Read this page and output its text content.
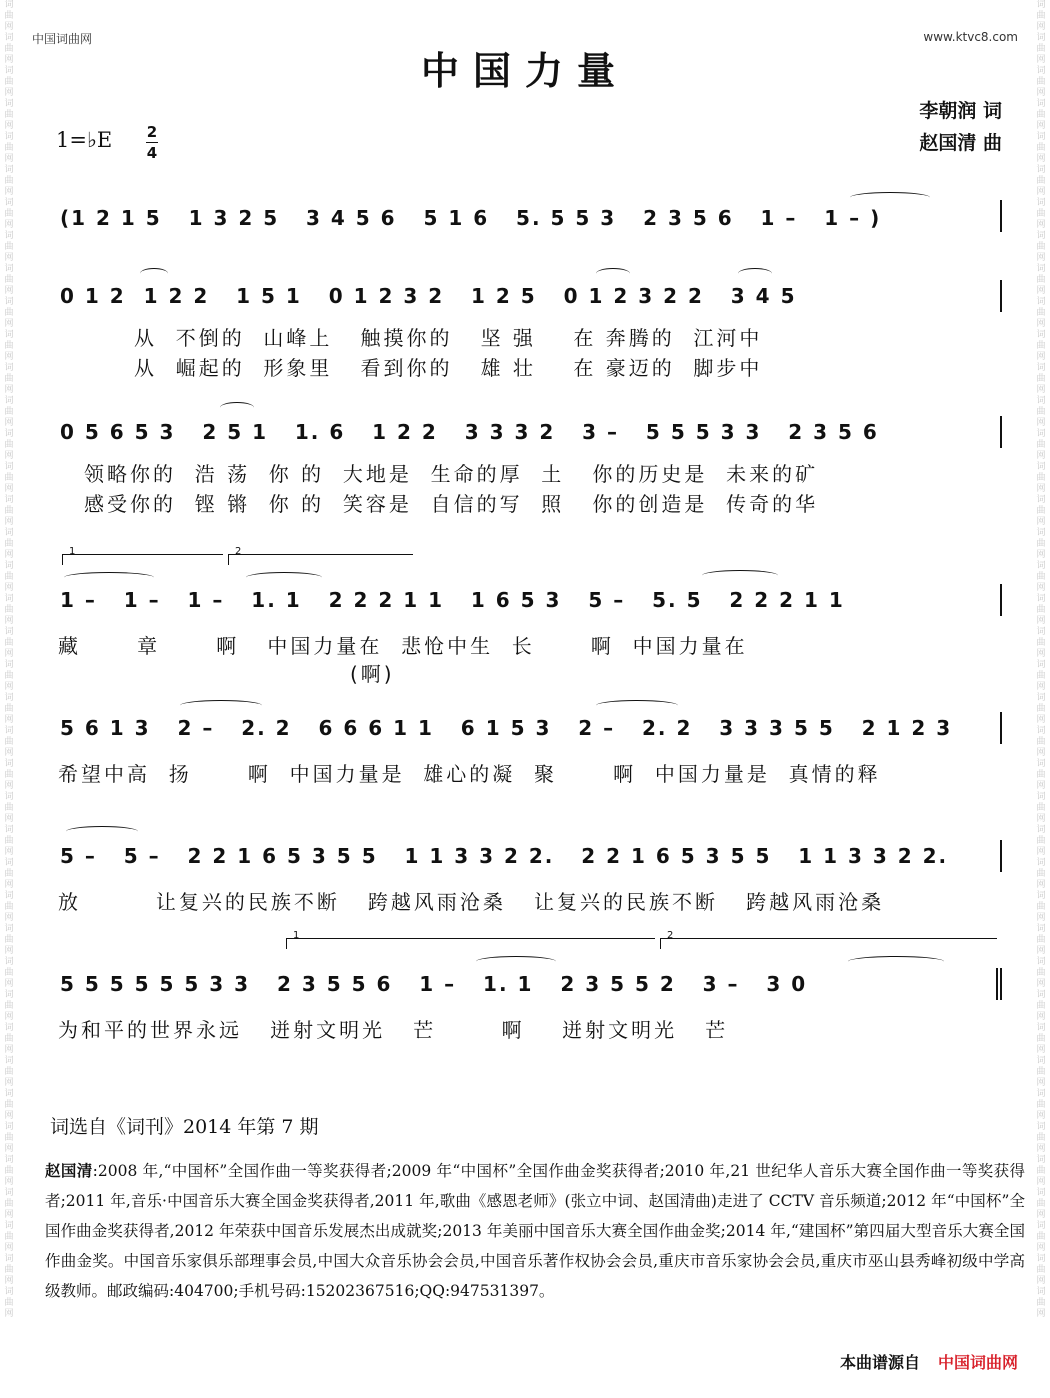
词曲网词曲网词曲网词曲网词曲网词曲网词曲网词曲网词曲网词曲网词曲网词曲网词曲网词曲网词曲网词曲网词曲网词曲网词曲网词曲网词曲网词曲网词曲网词曲网词曲网词曲网词曲网词曲网词曲网词曲网词曲网词曲网词曲网词曲网词曲网词曲网词曲网词曲网词曲网词曲网
词曲网词曲网词曲网词曲网词曲网词曲网词曲网词曲网词曲网词曲网词曲网词曲网词曲网词曲网词曲网词曲网词曲网词曲网词曲网词曲网词曲网词曲网词曲网词曲网词曲网词曲网词曲网词曲网词曲网词曲网词曲网词曲网词曲网词曲网词曲网词曲网词曲网词曲网词曲网词曲网
中国词曲网	www.ktvc8.com
中国力量
李朝润 词
赵国清 曲
1=♭E 2
4
(1 2 1 5   1 3 2 5   3 4 5 6   5 1 6   5. 5 5 3   2 3 5 6   1 –   1 – )
0 1 2  1 2 2   1 5 1   0 1 2 3 2   1 2 5   0 1 2 3 2 2   3 4 5
从  不倒的  山峰上   触摸你的   坚 强    在 奔腾的  江河中
从  崛起的  形象里   看到你的   雄 壮    在 豪迈的  脚步中
0 5 6 5 3   2 5 1   1. 6   1 2 2   3 3 3 2   3 –   5 5 5 3 3   2 3 5 6
领略你的  浩 荡  你 的  大地是  生命的厚  土   你的历史是  未来的矿
感受你的  铿 锵  你 的  笑容是  自信的写  照   你的创造是  传奇的华
1	2
1 –   1 –   1 –   1. 1   2 2 2 1 1   1 6 5 3   5 –   5. 5   2 2 2 1 1
藏      章      啊   中国力量在  悲怆中生  长      啊  中国力量在
(啊)
5 6 1 3   2 –   2. 2   6 6 6 1 1   6 1 5 3   2 –   2. 2   3 3 3 5 5   2 1 2 3
希望中高  扬      啊  中国力量是  雄心的凝  聚      啊  中国力量是  真情的释
5 –   5 –   2 2 1 6 5 3 5 5   1 1 3 3 2 2.   2 2 1 6 5 3 5 5   1 1 3 3 2 2.
放        让复兴的民族不断   跨越风雨沧桑   让复兴的民族不断   跨越风雨沧桑
1	2
5 5 5 5 5 5 3 3   2 3 5 5 6   1 –   1. 1   2 3 5 5 2   3 –   3 0
为和平的世界永远   迸射文明光   芒       啊    迸射文明光   芒
词选自《词刊》2014 年第 7 期
赵国清:2008 年,“中国杯”全国作曲一等奖获得者;2009 年“中国杯”全国作曲金奖获得者;2010 年,21 世纪华人音乐大赛全国作曲一等奖获得者;2011 年,音乐·中国音乐大赛全国金奖获得者,2011 年,歌曲《感恩老师》(张立中词、赵国清曲)走进了 CCTV 音乐频道;2012 年“中国杯”全国作曲金奖获得者,2012 年荣获中国音乐发展杰出成就奖;2013 年美丽中国音乐大赛全国作曲金奖;2014 年,“建国杯”第四届大型音乐大赛全国作曲金奖。中国音乐家俱乐部理事会员,中国大众音乐协会会员,中国音乐著作权协会会员,重庆市音乐家协会会员,重庆市巫山县秀峰初级中学高级教师。邮政编码:404700;手机号码:15202367516;QQ:947531397。
本曲谱源自 中国词曲网
